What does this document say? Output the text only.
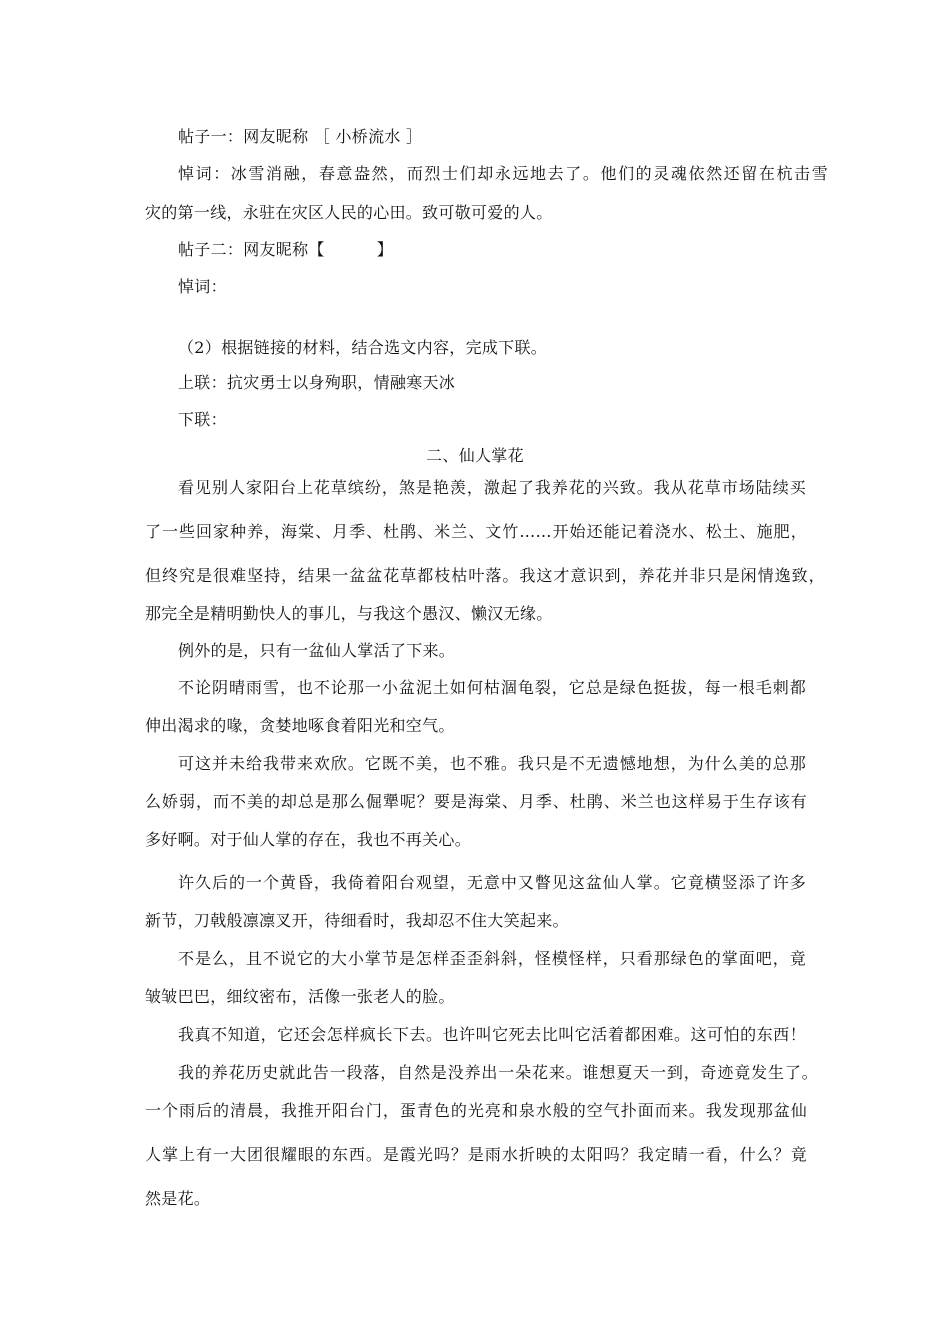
帖子一：网友昵称 ［ 小桥流水 ］
悼词：冰雪消融，春意盎然，而烈士们却永远地去了。他们的灵魂依然还留在杭击雪
灾的第一线，永驻在灾区人民的心田。致可敬可爱的人。
帖子二：网友昵称【	】
悼词：
（2）根据链接的材料，结合选文内容，完成下联。
上联：抗灾勇士以身殉职，情融寒天冰
下联：
二、仙人掌花
看见别人家阳台上花草缤纷，煞是艳羡，激起了我养花的兴致。我从花草市场陆续买
了一些回家种养，海棠、月季、杜鹃、米兰、文竹……开始还能记着浇水、松土、施肥，
但终究是很难坚持，结果一盆盆花草都枝枯叶落。我这才意识到，养花并非只是闲情逸致，
那完全是精明勤快人的事儿，与我这个愚汉、懒汉无缘。
例外的是，只有一盆仙人掌活了下来。
不论阴晴雨雪，也不论那一小盆泥土如何枯涸龟裂，它总是绿色挺拔，每一根毛刺都
伸出渴求的喙，贪婪地啄食着阳光和空气。
可这并未给我带来欢欣。它既不美，也不雅。我只是不无遗憾地想，为什么美的总那
么娇弱，而不美的却总是那么倔犟呢？要是海棠、月季、杜鹃、米兰也这样易于生存该有
多好啊。对于仙人掌的存在，我也不再关心。
许久后的一个黄昏，我倚着阳台观望，无意中又瞥见这盆仙人掌。它竟横竖添了许多
新节，刀戟般凛凛叉开，待细看时，我却忍不住大笑起来。
不是么，且不说它的大小掌节是怎样歪歪斜斜，怪模怪样，只看那绿色的掌面吧，竟
皱皱巴巴，细纹密布，活像一张老人的脸。
我真不知道，它还会怎样疯长下去。也许叫它死去比叫它活着都困难。这可怕的东西！
我的养花历史就此告一段落，自然是没养出一朵花来。谁想夏天一到，奇迹竟发生了。
一个雨后的清晨，我推开阳台门，蛋青色的光亮和泉水般的空气扑面而来。我发现那盆仙
人掌上有一大团很耀眼的东西。是霞光吗？是雨水折映的太阳吗？我定睛一看，什么？竟
然是花。
